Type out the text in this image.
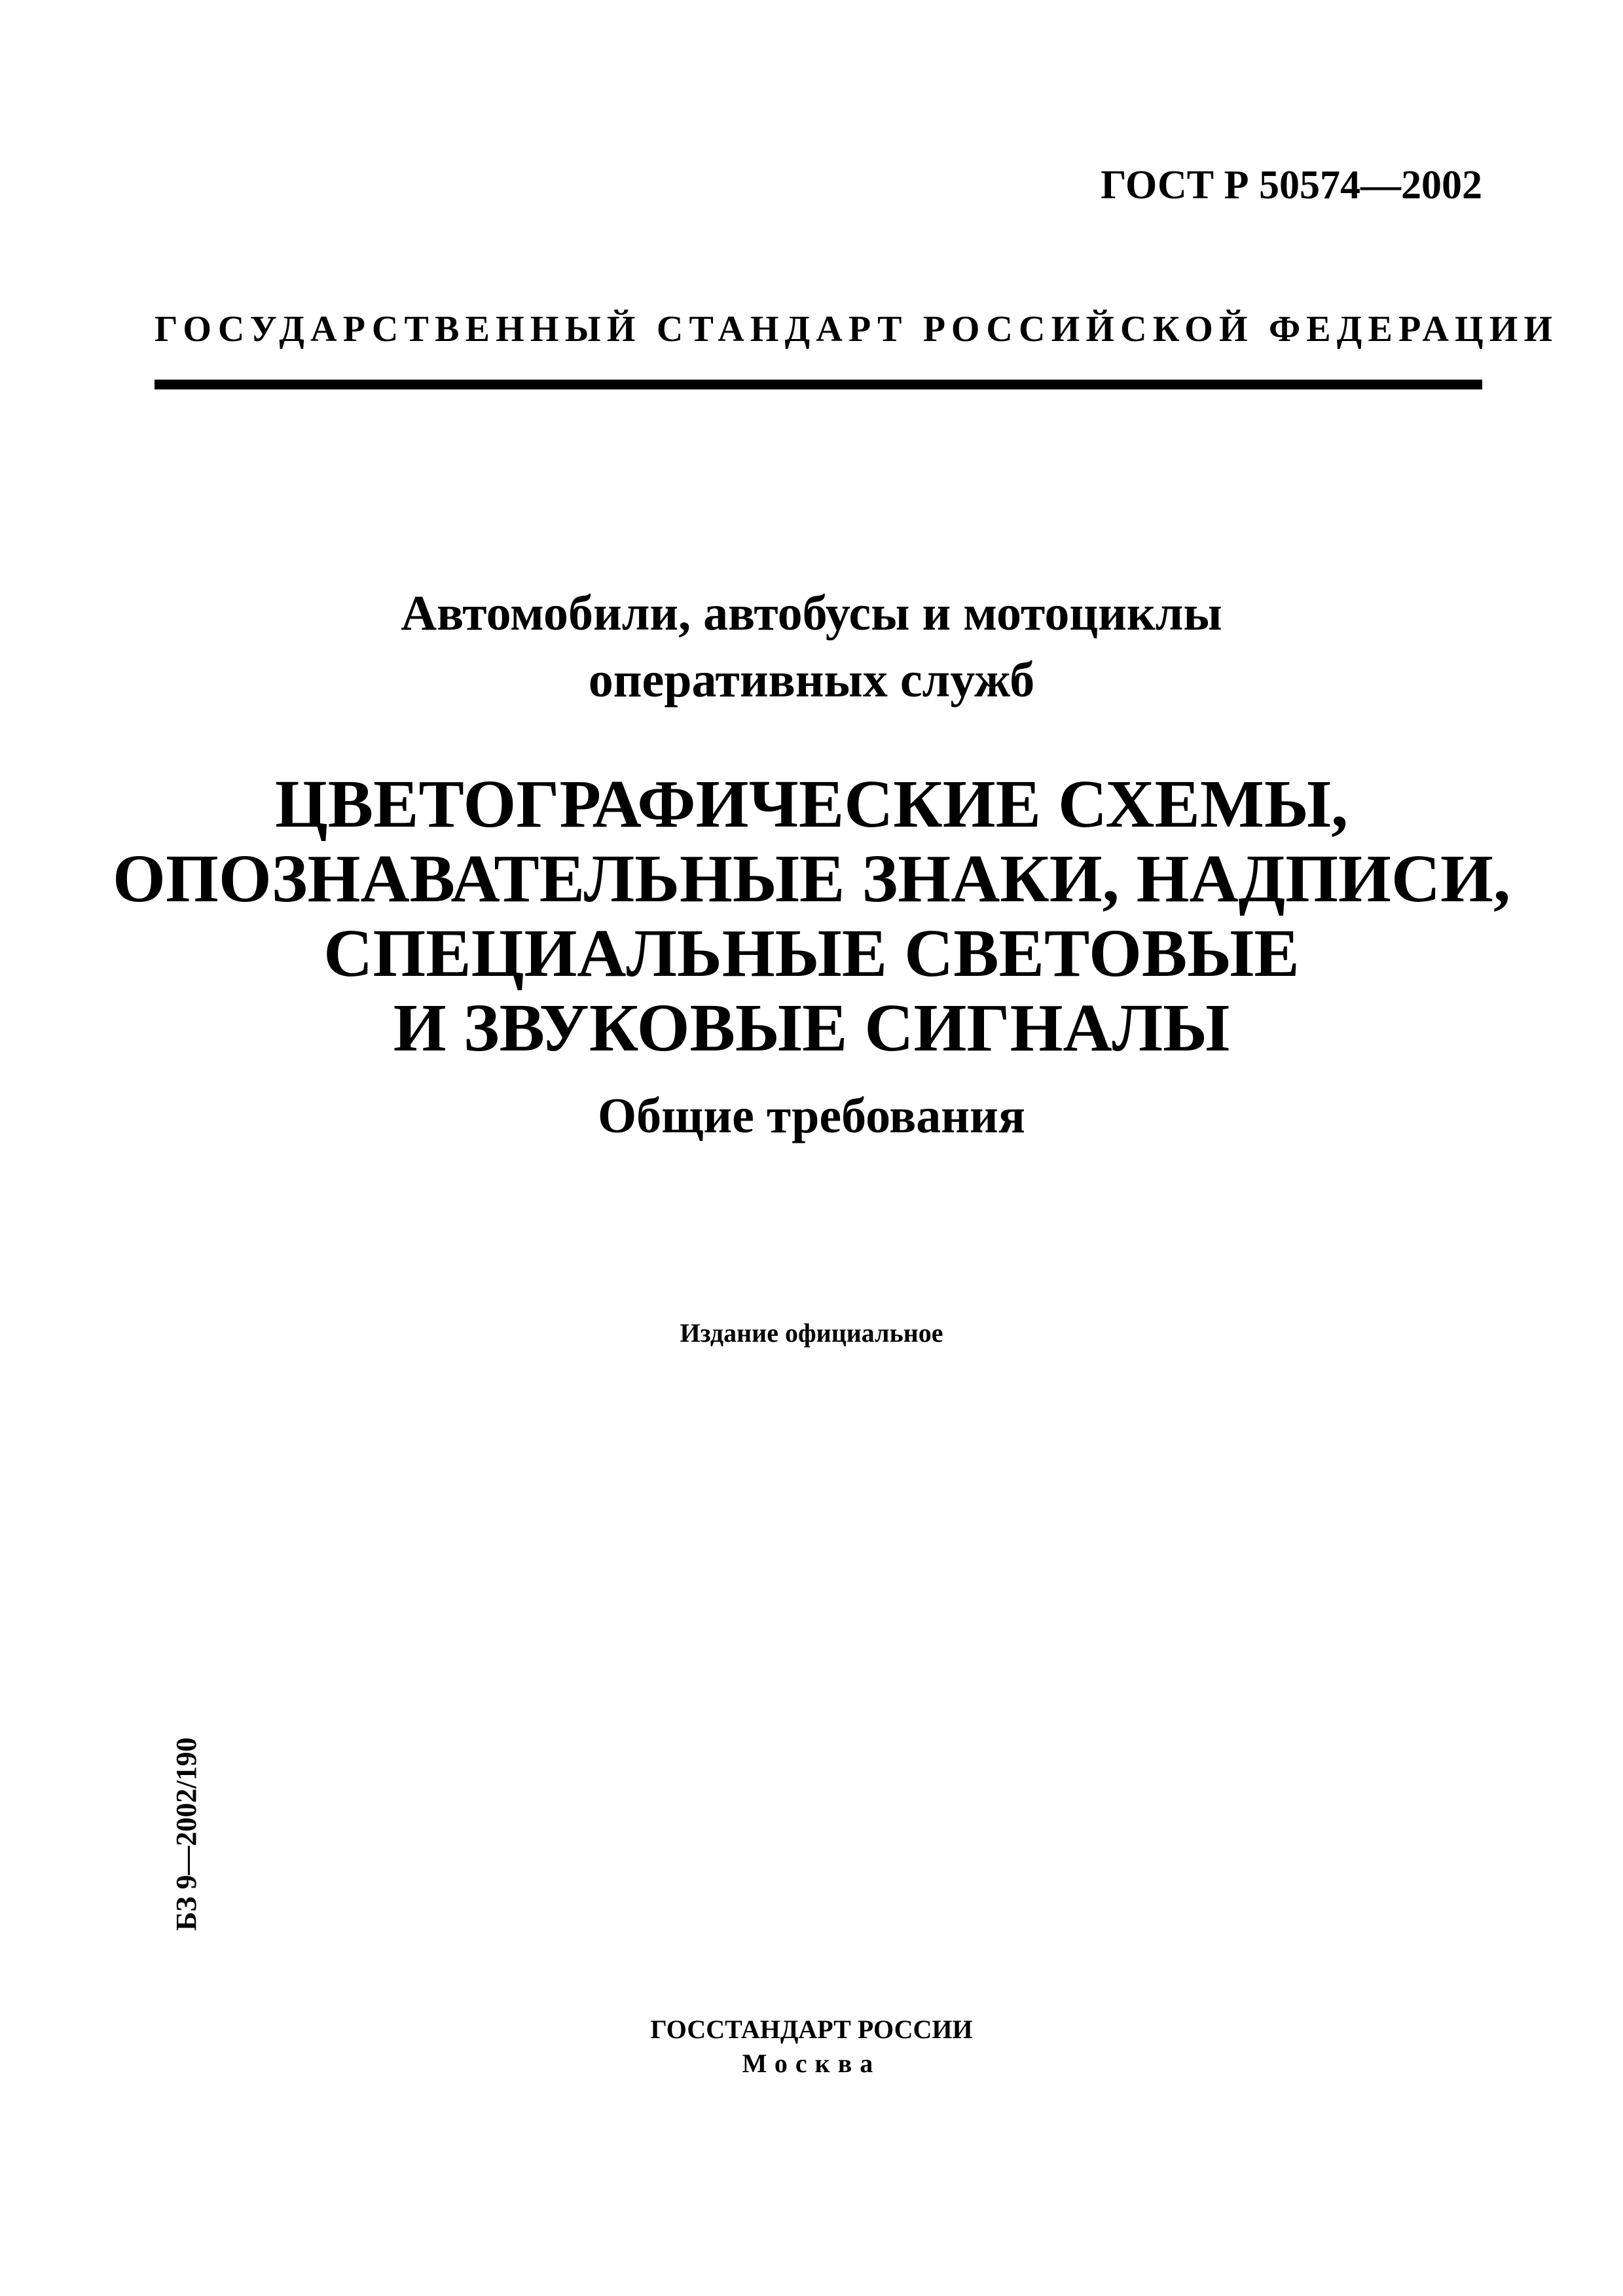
ГОСТ Р 50574—2002
ГОСУДАРСТВЕННЫЙ СТАНДАРТ РОССИЙСКОЙ ФЕДЕРАЦИИ
Автомобили, автобусы и мотоциклы
оперативных служб
ЦВЕТОГРАФИЧЕСКИЕ СХЕМЫ,
ОПОЗНАВАТЕЛЬНЫЕ ЗНАКИ, НАДПИСИ,
СПЕЦИАЛЬНЫЕ СВЕТОВЫЕ
И ЗВУКОВЫЕ СИГНАЛЫ
Общие требования
Издание официальное
БЗ 9—2002/190
ГОССТАНДАРТ РОССИИ
Москва
